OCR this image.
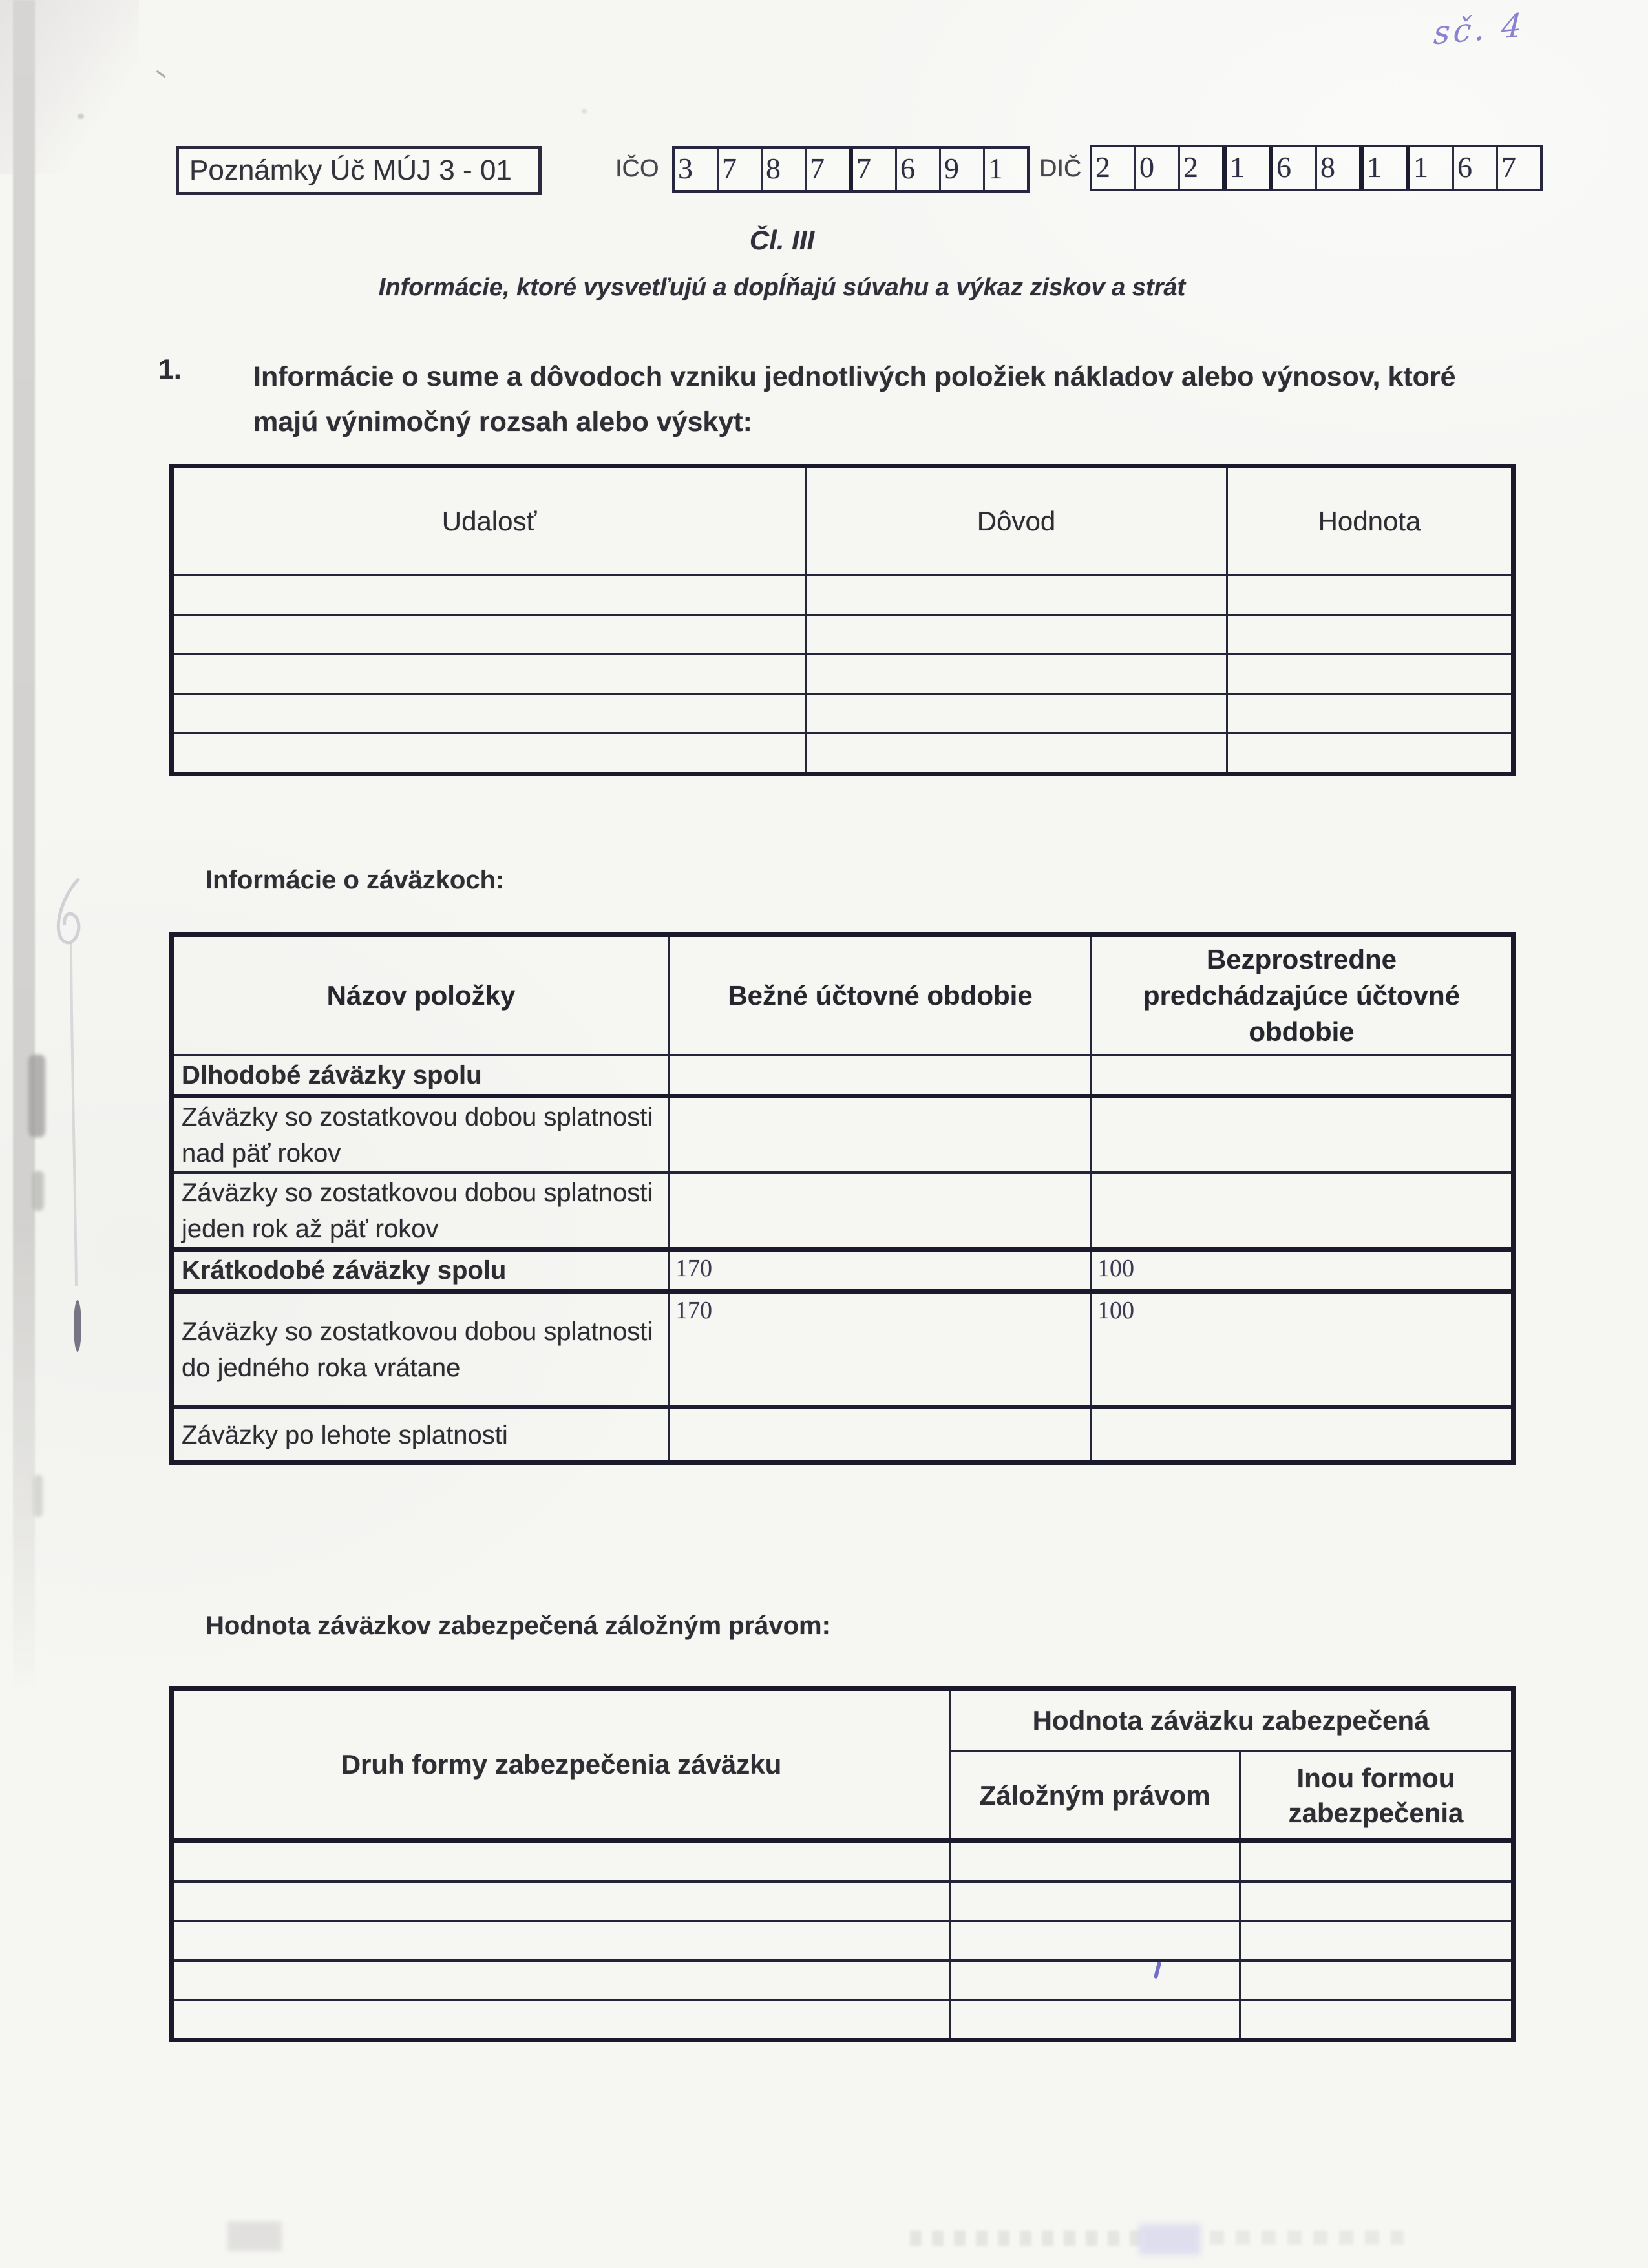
sč. 4
Poznámky Úč MÚJ 3 - 01	IČO 3 7 8 7	7 6 9 1	DIČ 2 0 2	1	6 8	1	1 6 7
Čl. III
Informácie, ktoré vysvetľujú a dopĺňajú súvahu a výkaz ziskov a strát
1.	Informácie o sume a dôvodoch vzniku jednotlivých položiek nákladov alebo výnosov, ktoré majú výnimočný rozsah alebo výskyt:
Udalosť	Dôvod	Hodnota

Informácie o záväzkoch:
Názov položky	Bežné účtovné obdobie	Bezprostredne predchádzajúce účtovné obdobie
Dlhodobé záväzky spolu	

Záväzky so zostatkovou dobou splatnosti nad päť rokov	

Záväzky so zostatkovou dobou splatnosti jeden rok až päť rokov	

Krátkodobé záväzky spolu	170	100

Záväzky so zostatkovou dobou splatnosti do jedného roka vrátane	170	100

Záväzky po lehote splatnosti	

Hodnota záväzkov zabezpečená záložným právom:
Druh formy zabezpečenia záväzku	Hodnota záväzku zabezpečená	
	Záložným právom	Inou formou zabezpečenia
